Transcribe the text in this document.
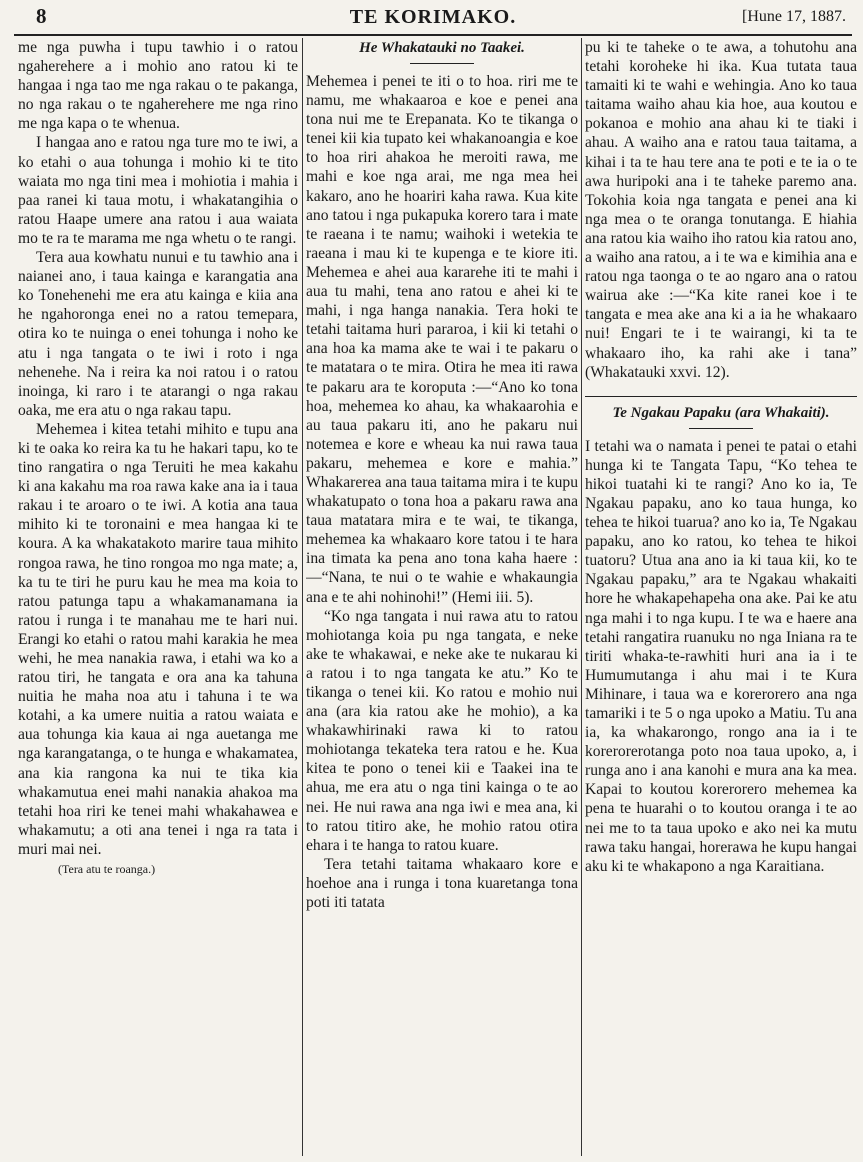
8	TE KORIMAKO.	[Hune 17, 1887.

me nga puwha i tupu tawhio i o ratou ngaherehere a i mohio ano ratou ki te hangaa i nga tao me nga rakau o te pakanga, no nga rakau o te ngaherehere me nga rino me nga kapa o te whenua.

I hangaa ano e ratou nga ture mo te iwi, a ko etahi o aua tohunga i mohio ki te tito waiata mo nga tini mea i mohiotia i mahia i paa ranei ki taua motu, i whakatangihia o ratou Haape umere ana ratou i aua waiata mo te ra te marama me nga whetu o te rangi.

Tera aua kowhatu nunui e tu tawhio ana i naianei ano, i taua kainga e karangatia ana ko Tonehenehi me era atu kainga e kiia ana he ngahoronga enei no a ratou temepara, otira ko te nuinga o enei tohunga i noho ke atu i nga tangata o te iwi i roto i nga nehenehe. Na i reira ka noi ratou i o ratou inoinga, ki raro i te atarangi o nga rakau oaka, me era atu o nga rakau tapu.

Mehemea i kitea tetahi mihito e tupu ana ki te oaka ko reira ka tu he hakari tapu, ko te tino rangatira o nga Teruiti he mea kakahu ki ana kakahu ma roa rawa kake ana ia i taua rakau i te aroaro o te iwi. A kotia ana taua mihito ki te toronaini e mea hangaa ki te koura. A ka whakatakoto marire taua mihito rongoa rawa, he tino rongoa mo nga mate; a, ka tu te tiri he puru kau he mea ma koia to ratou patunga tapu a whakamanamana ia ratou i runga i te manahau me te hari nui. Erangi ko etahi o ratou mahi karakia he mea wehi, he mea nanakia rawa, i etahi wa ko a ratou tiri, he tangata e ora ana ka tahuna nuitia he maha noa atu i tahuna i te wa kotahi, a ka umere nuitia a ratou waiata e aua tohunga kia kaua ai nga auetanga me nga karangatanga, o te hunga e whakamatea, ana kia rangona ka nui te tika kia whakamutua enei mahi nanakia ahakoa ma tetahi hoa riri ke tenei mahi whakahawea e whakamutu; a oti ana tenei i nga ra tata i muri mai nei.

(Tera atu te roanga.)
He Whakatauki no Taakei.

Mehemea i penei te iti o to hoa. riri me te namu, me whakaaroa e koe e penei ana tona nui me te Erepanata. Ko te tikanga o tenei kii kia tupato kei whakanoangia e koe to hoa riri ahakoa he meroiti rawa, me mahi e koe nga arai, me nga mea hei kakaro, ano he hoariri kaha rawa. Kua kite ano tatou i nga pukapuka korero tara i mate te raeana i te namu; waihoki i wetekia te raeana i mau ki te kupenga e te kiore iti. Mehemea e ahei aua kararehe iti te mahi i aua tu mahi, tena ano ratou e ahei ki te mahi, i nga hanga nanakia. Tera hoki te tetahi taitama huri pararoa, i kii ki tetahi o ana hoa ka mama ake te wai i te pakaru o te matatara o te mira. Otira he mea iti rawa te pakaru ara te koroputa :—“Ano ko tona hoa, mehemea ko ahau, ka whakaarohia e au taua pakaru iti, ano he pakaru nui notemea e kore e wheau ka nui rawa taua pakaru, mehemea e kore e mahia.” Whakarerea ana taua taitama mira i te kupu whakatupato o tona hoa a pakaru rawa ana taua matatara mira e te wai, te tikanga, mehemea ka whakaaro kore tatou i te hara ina timata ka pena ano tona kaha haere :—“Nana, te nui o te wahie e whakaungia ana e te ahi nohinohi!” (Hemi iii. 5).

“Ko nga tangata i nui rawa atu to ratou mohiotanga koia pu nga tangata, e neke ake te whakawai, e neke ake te nukarau ki a ratou i to nga tangata ke atu.” Ko te tikanga o tenei kii. Ko ratou e mohio nui ana (ara kia ratou ake he mohio), a ka whakawhirinaki rawa ki to ratou mohiotanga tekateka tera ratou e he. Kua kitea te pono o tenei kii e Taakei ina te ahua, me era atu o nga tini kainga o te ao nei. He nui rawa ana nga iwi e mea ana, ki to ratou titiro ake, he mohio ratou otira ehara i te hanga to ratou kuare.

Tera tetahi taitama whakaaro kore e hoehoe ana i runga i tona kuaretanga tona poti iti tatata

pu ki te taheke o te awa, a tohutohu ana tetahi koroheke hi ika. Kua tutata taua tamaiti ki te wahi e wehingia. Ano ko taua taitama waiho ahau kia hoe, aua koutou e pokanoa e mohio ana ahau ki te tiaki i ahau. A waiho ana e ratou taua taitama, a kihai i ta te hau tere ana te poti e te ia o te awa huripoki ana i te taheke paremo ana. Tokohia koia nga tangata e penei ana ki nga mea o te oranga tonutanga. E hiahia ana ratou kia waiho iho ratou kia ratou ano, a waiho ana ratou, a i te wa e kimihia ana e ratou nga taonga o te ao ngaro ana o ratou wairua ake :—“Ka kite ranei koe i te tangata e mea ake ana ki a ia he whakaaro nui! Engari te i te wairangi, ki ta te whakaaro iho, ka rahi ake i tana” (Whakatauki xxvi. 12).

Te Ngakau Papaku (ara Whakaiti).

I tetahi wa o namata i penei te patai o etahi hunga ki te Tangata Tapu, “Ko tehea te hikoi tuatahi ki te rangi? Ano ko ia, Te Ngakau papaku, ano ko taua hunga, ko tehea te hikoi tuarua? ano ko ia, Te Ngakau papaku, ano ko ratou, ko tehea te hikoi tuatoru? Utua ana ano ia ki taua kii, ko te Ngakau papaku,” ara te Ngakau whakaiti hore he whakapehapeha ona ake. Pai ke atu nga mahi i to nga kupu. I te wa e haere ana tetahi rangatira ruanuku no nga Iniana ra te tiriti whaka-te-rawhiti huri ana ia i te Humumutanga i ahu mai i te Kura Mihinare, i taua wa e korerorero ana nga tamariki i te 5 o nga upoko a Matiu. Tu ana ia, ka whakarongo, rongo ana ia i te korerorerotanga poto noa taua upoko, a, i runga ano i ana kanohi e mura ana ka mea. Kapai to koutou korerorero mehemea ka pena te huarahi o to koutou oranga i te ao nei me to ta taua upoko e ako nei ka mutu rawa taku hangai, horerawa he kupu hangai aku ki te whakapono a nga Karaitiana.
